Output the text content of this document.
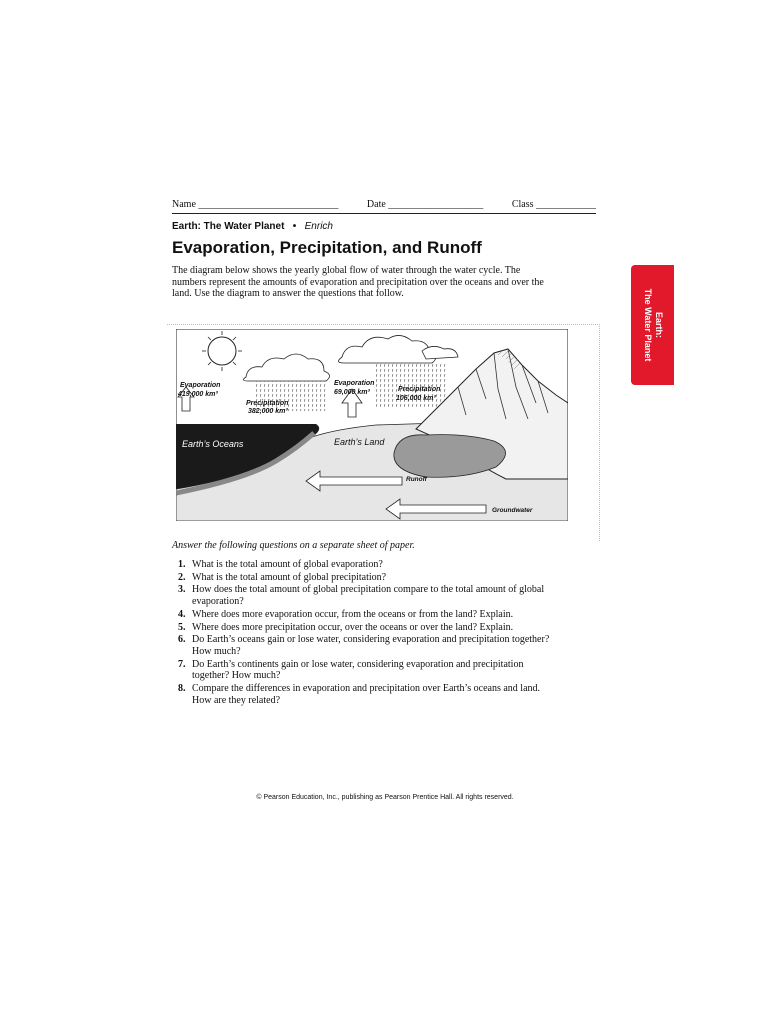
Name ____________________________	Date ___________________	Class ____________
Earth: The Water Planet • Enrich
Evaporation, Precipitation, and Runoff
The diagram below shows the yearly global flow of water through the water cycle. The numbers represent the amounts of evaporation and precipitation over the oceans and over the land. Use the diagram to answer the questions that follow.
Earth:
The Water Planet
Evaporation
419,000 km³
Precipitation
382,000 km³
Evaporation
69,000 km³	Precipitation
106,000 km³
Earth’s Oceans	Earth’s Land
Runoff
Groundwater
Answer the following questions on a separate sheet of paper.
1. What is the total amount of global evaporation?
2. What is the total amount of global precipitation?
3. How does the total amount of global precipitation compare to the total amount of global evaporation?
4. Where does more evaporation occur, from the oceans or from the land? Explain.
5. Where does more precipitation occur, over the oceans or over the land? Explain.
6. Do Earth’s oceans gain or lose water, considering evaporation and precipitation together? How much?
7. Do Earth’s continents gain or lose water, considering evaporation and precipitation together? How much?
8. Compare the differences in evaporation and precipitation over Earth’s oceans and land. How are they related?
© Pearson Education, Inc., publishing as Pearson Prentice Hall. All rights reserved.
